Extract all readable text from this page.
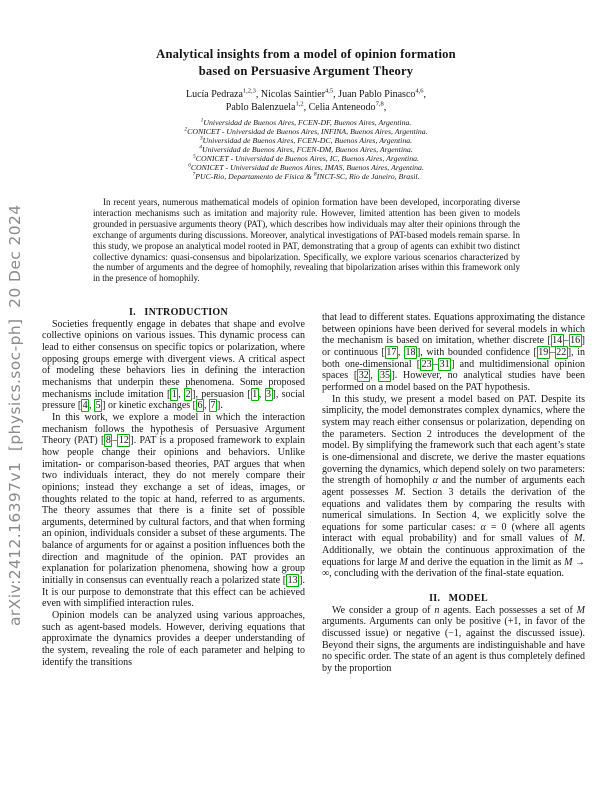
arXiv:2412.16397v1  [physics.soc-ph]  20 Dec 2024
Analytical insights from a model of opinion formation
based on Persuasive Argument Theory
Lucía Pedraza$^{1,2,3}$, Nicolas Saintier$^{4,5}$, Juan Pablo Pinasco$^{4,6}$,
Pablo Balenzuela$^{1,2}$, Celia Anteneodo$^{7,8}$,
$^1$Universidad de Buenos Aires, FCEN-DF, Buenos Aires, Argentina.
$^2$CONICET - Universidad de Buenos Aires, INFINA, Buenos Aires, Argentina.
$^3$Universidad de Buenos Aires, FCEN-DC, Buenos Aires, Argentina.
$^4$Universidad de Buenos Aires, FCEN-DM, Buenos Aires, Argentina.
$^5$CONICET - Universidad de Buenos Aires, IC, Buenos Aires, Argentina.
$^6$CONICET - Universidad de Buenos Aires, IMAS, Buenos Aires, Argentina.
$^7$PUC-Rio, Departamento de Física & $^8$INCT-SC, Rio de Janeiro, Brasil.
In recent years, numerous mathematical models of opinion formation have been developed, incorporating diverse interaction mechanisms such as imitation and majority rule. However, limited attention has been given to models grounded in persuasive arguments theory (PAT), which describes how individuals may alter their opinions through the exchange of arguments during discussions. Moreover, analytical investigations of PAT-based models remain sparse. In this study, we propose an analytical model rooted in PAT, demonstrating that a group of agents can exhibit two distinct collective dynamics: quasi-consensus and bipolarization. Specifically, we explore various scenarios characterized by the number of arguments and the degree of homophily, revealing that bipolarization arises within this framework only in the presence of homophily.

I.   INTRODUCTION

Societies frequently engage in debates that shape and evolve collective opinions on various issues. This dynamic process can lead to either consensus on specific topics or polarization, where opposing groups emerge with divergent views. A critical aspect of modeling these behaviors lies in defining the interaction mechanisms that underpin these phenomena. Some proposed mechanisms include imitation [ 1 , 2 ], persuasion [ 1 , 3 ], social pressure [ 4 , 5 ] or kinetic exchanges [ 6 , 7 ].

In this work, we explore a model in which the interaction mechanism follows the hypothesis of Persuasive Argument Theory (PAT) [ 8 – 12 ]. PAT is a proposed framework to explain how people change their opinions and behaviors. Unlike imitation- or comparison-based theories, PAT argues that when two individuals interact, they do not merely compare their opinions; instead they exchange a set of ideas, images, or thoughts related to the topic at hand, referred to as arguments. The theory assumes that there is a finite set of possible arguments, determined by cultural factors, and that when forming an opinion, individuals consider a subset of these arguments. The balance of arguments for or against a position influences both the direction and magnitude of the opinion. PAT provides an explanation for polarization phenomena, showing how a group initially in consensus can eventually reach a polarized state [ 13 ]. It is our purpose to demonstrate that this effect can be achieved even with simplified interaction rules.

Opinion models can be analyzed using various approaches, such as agent-based models. However, deriving equations that approximate the dynamics provides a deeper understanding of the system, revealing the role of each parameter and helping to identify the transitions

that lead to different states. Equations approximating the distance between opinions have been derived for several models in which the mechanism is based on imitation, whether discrete [ 14 – 16 ] or continuous [ 17 , 18 ], with bounded confidence [ 19 – 22 ], in both one-dimensional [ 23 – 31 ] and multidimensional opinion spaces [ 32 , 35 ]. However, no analytical studies have been performed on a model based on the PAT hypothesis.

In this study, we present a model based on PAT. Despite its simplicity, the model demonstrates complex dynamics, where the system may reach either consensus or polarization, depending on the parameters. Section 2 introduces the development of the model. By simplifying the framework such that each agent’s state is one-dimensional and discrete, we derive the master equations governing the dynamics, which depend solely on two parameters: the strength of homophily α and the number of arguments each agent possesses M. Section 3 details the derivation of the equations and validates them by comparing the results with numerical simulations. In Section 4, we explicitly solve the equations for some particular cases: α = 0 (where all agents interact with equal probability) and for small values of M. Additionally, we obtain the continuous approximation of the equations for large M and derive the equation in the limit as M → ∞, concluding with the derivation of the final-state equation.

II.   MODEL

We consider a group of n agents. Each possesses a set of M arguments. Arguments can only be positive (+1, in favor of the discussed issue) or negative (−1, against the discussed issue). Beyond their signs, the arguments are indistinguishable and have no specific order. The state of an agent is thus completely defined by the proportion
